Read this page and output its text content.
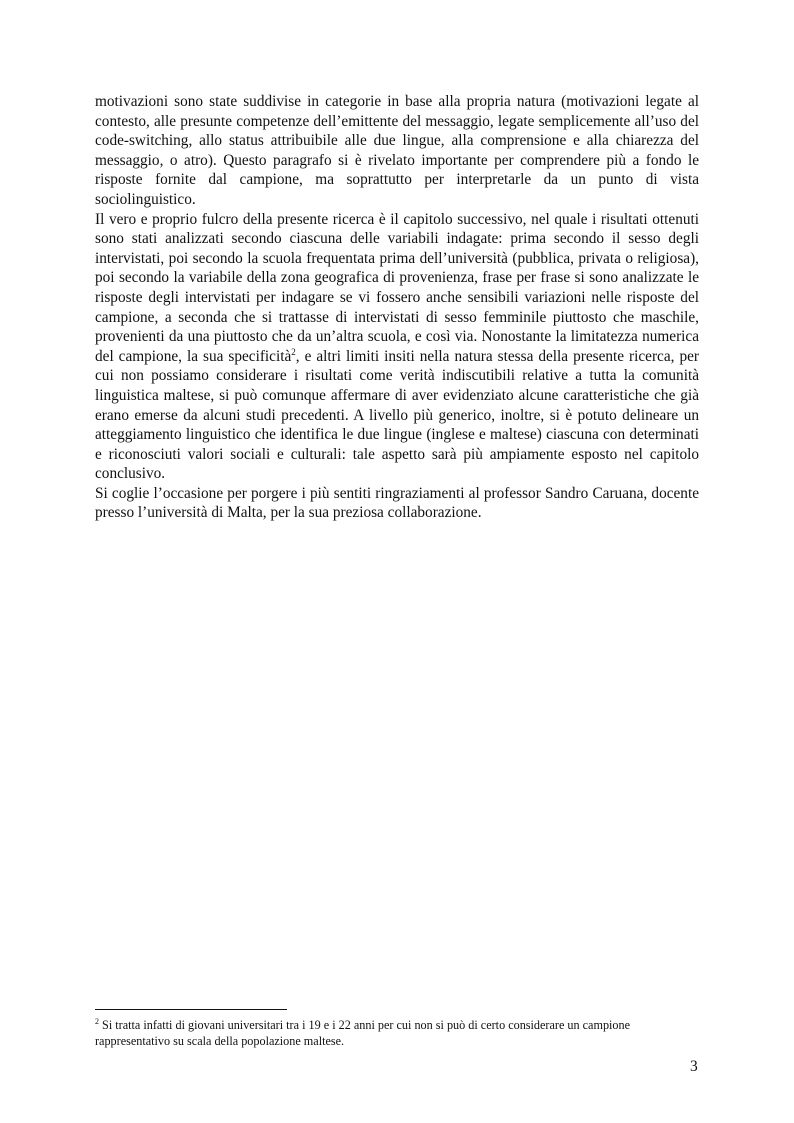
motivazioni sono state suddivise in categorie in base alla propria natura (motivazioni legate al contesto, alle presunte competenze dell’emittente del messaggio, legate semplicemente all’uso del code-switching, allo status attribuibile alle due lingue, alla comprensione e alla chiarezza del messaggio, o atro). Questo paragrafo si è rivelato importante per comprendere più a fondo le risposte fornite dal campione, ma soprattutto per interpretarle da un punto di vista sociolinguistico.

Il vero e proprio fulcro della presente ricerca è il capitolo successivo, nel quale i risultati ottenuti sono stati analizzati secondo ciascuna delle variabili indagate: prima secondo il sesso degli intervistati, poi secondo la scuola frequentata prima dell’università (pubblica, privata o religiosa), poi secondo la variabile della zona geografica di provenienza, frase per frase si sono analizzate le risposte degli intervistati per indagare se vi fossero anche sensibili variazioni nelle risposte del campione, a seconda che si trattasse di intervistati di sesso femminile piuttosto che maschile, provenienti da una piuttosto che da un’altra scuola, e così via. Nonostante la limitatezza numerica del campione, la sua specificità$^2$, e altri limiti insiti nella natura stessa della presente ricerca, per cui non possiamo considerare i risultati come verità indiscutibili relative a tutta la comunità linguistica maltese, si può comunque affermare di aver evidenziato alcune caratteristiche che già erano emerse da alcuni studi precedenti. A livello più generico, inoltre, si è potuto delineare un atteggiamento linguistico che identifica le due lingue (inglese e maltese) ciascuna con determinati e riconosciuti valori sociali e culturali: tale aspetto sarà più ampiamente esposto nel capitolo conclusivo.

Si coglie l’occasione per porgere i più sentiti ringraziamenti al professor Sandro Caruana, docente presso l’università di Malta, per la sua preziosa collaborazione.

$^2$ Si tratta infatti di giovani universitari tra i 19 e i 22 anni per cui non si può di certo considerare un campione rappresentativo su scala della popolazione maltese.

3
